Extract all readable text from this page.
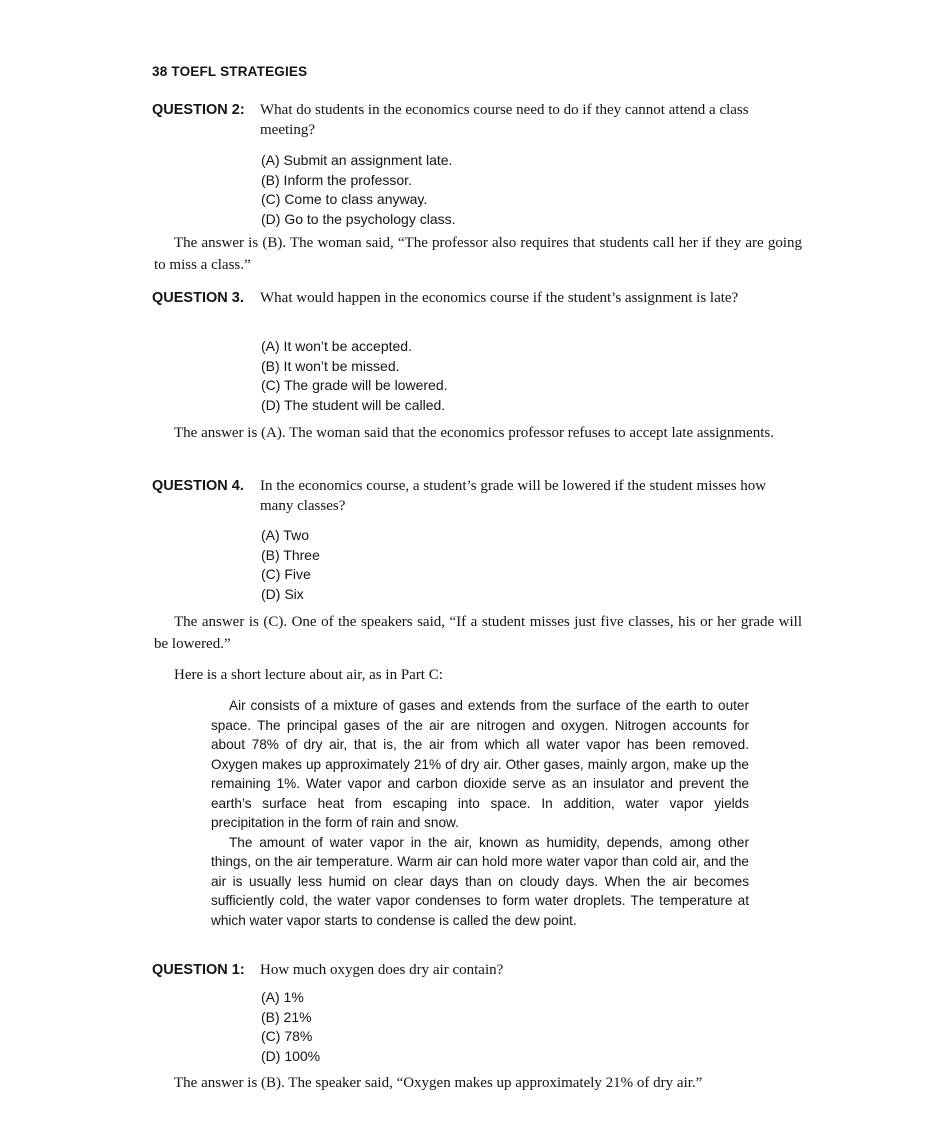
38 TOEFL STRATEGIES
QUESTION 2: What do students in the economics course need to do if they cannot attend a class meeting?
(A) Submit an assignment late.
(B) Inform the professor.
(C) Come to class anyway.
(D) Go to the psychology class.
The answer is (B). The woman said, “The professor also requires that students call her if they are going to miss a class.”
QUESTION 3. What would happen in the economics course if the student’s assignment is late?
(A) It won’t be accepted.
(B) It won’t be missed.
(C) The grade will be lowered.
(D) The student will be called.
The answer is (A). The woman said that the economics professor refuses to accept late assignments.
QUESTION 4. In the economics course, a student’s grade will be lowered if the student misses how many classes?
(A) Two
(B) Three
(C) Five
(D) Six
The answer is (C). One of the speakers said, “If a student misses just five classes, his or her grade will be lowered.”
Here is a short lecture about air, as in Part C:

Air consists of a mixture of gases and extends from the surface of the earth to outer space. The principal gases of the air are nitrogen and oxygen. Nitrogen accounts for about 78% of dry air, that is, the air from which all water vapor has been removed. Oxygen makes up approximately 21% of dry air. Other gases, mainly argon, make up the remaining 1%. Water vapor and carbon dioxide serve as an insulator and prevent the earth’s surface heat from escaping into space. In addition, water vapor yields precipitation in the form of rain and snow.

The amount of water vapor in the air, known as humidity, depends, among other things, on the air temperature. Warm air can hold more water vapor than cold air, and the air is usually less humid on clear days than on cloudy days. When the air becomes sufficiently cold, the water vapor condenses to form water droplets. The temperature at which water vapor starts to condense is called the dew point.

QUESTION 1: How much oxygen does dry air contain?
(A) 1%
(B) 21%
(C) 78%
(D) 100%
The answer is (B). The speaker said, “Oxygen makes up approximately 21% of dry air.”
